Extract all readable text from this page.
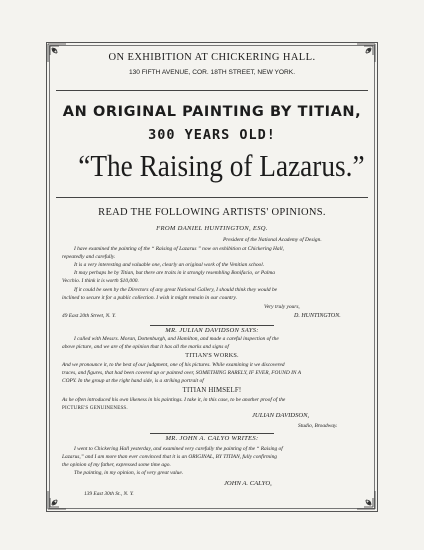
ON EXHIBITION AT CHICKERING HALL.
130 FIFTH AVENUE, COR. 18TH STREET, NEW YORK.
AN ORIGINAL PAINTING BY TITIAN,
300 YEARS OLD!
“The Raising of Lazarus.”
READ THE FOLLOWING ARTISTS' OPINIONS.
FROM DANIEL HUNTINGTON, ESQ.
President of the National Academy of Design.
I have examined the painting of the “ Raising of Lazarus ” now on exhibition at Chickering Hall,
repeatedly and carefully.
It is a very interesting and valuable one, clearly an original work of the Venitian school.
It may perhaps be by Titian, but there are traits in it strongly resembling Bonifacio, or Palma
Vecchio. I think it is worth $10,000.
If it could be seen by the Directors of any great National Gallery, I should think they would be
inclined to secure it for a public collection. I wish it might remain in our country.
Very truly yours,
49 East 20th Street, N. Y.	D. HUNTINGTON.
MR. JULIAN DAVIDSON SAYS:
I called with Messrs. Moran, Dottenburgh, and Hamilton, and made a careful inspection of the
above picture, and we are of the opinion that it has all the marks and signs of
TITIAN'S WORKS.
And we pronounce it, to the best of our judgment, one of his pictures. While examining it we discovered
traces, and figures, that had been covered up or painted over, SOMETHING RARELY, IF EVER, FOUND IN A
COPY. In the group at the right hand side, is a striking portrait of
TITIAN HIMSELF!
As he often introduced his own likeness in his paintings. I take it, in this case, to be another proof of the
PICTURE'S GENUINENESS.
JULIAN DAVIDSON,
Studio, Broadway.
MR. JOHN A. CALYO WRITES:
I went to Chickering Hall yesterday, and examined very carefully the painting of the “ Raising of
Lazarus,” and I am more than ever convinced that it is an ORIGINAL, BY TITIAN, fully confirming
the opinion of my father, expressed some time ago.
The painting, in my opinion, is of very great value.
JOHN A. CALYO,
139 East 30th St., N. Y.
